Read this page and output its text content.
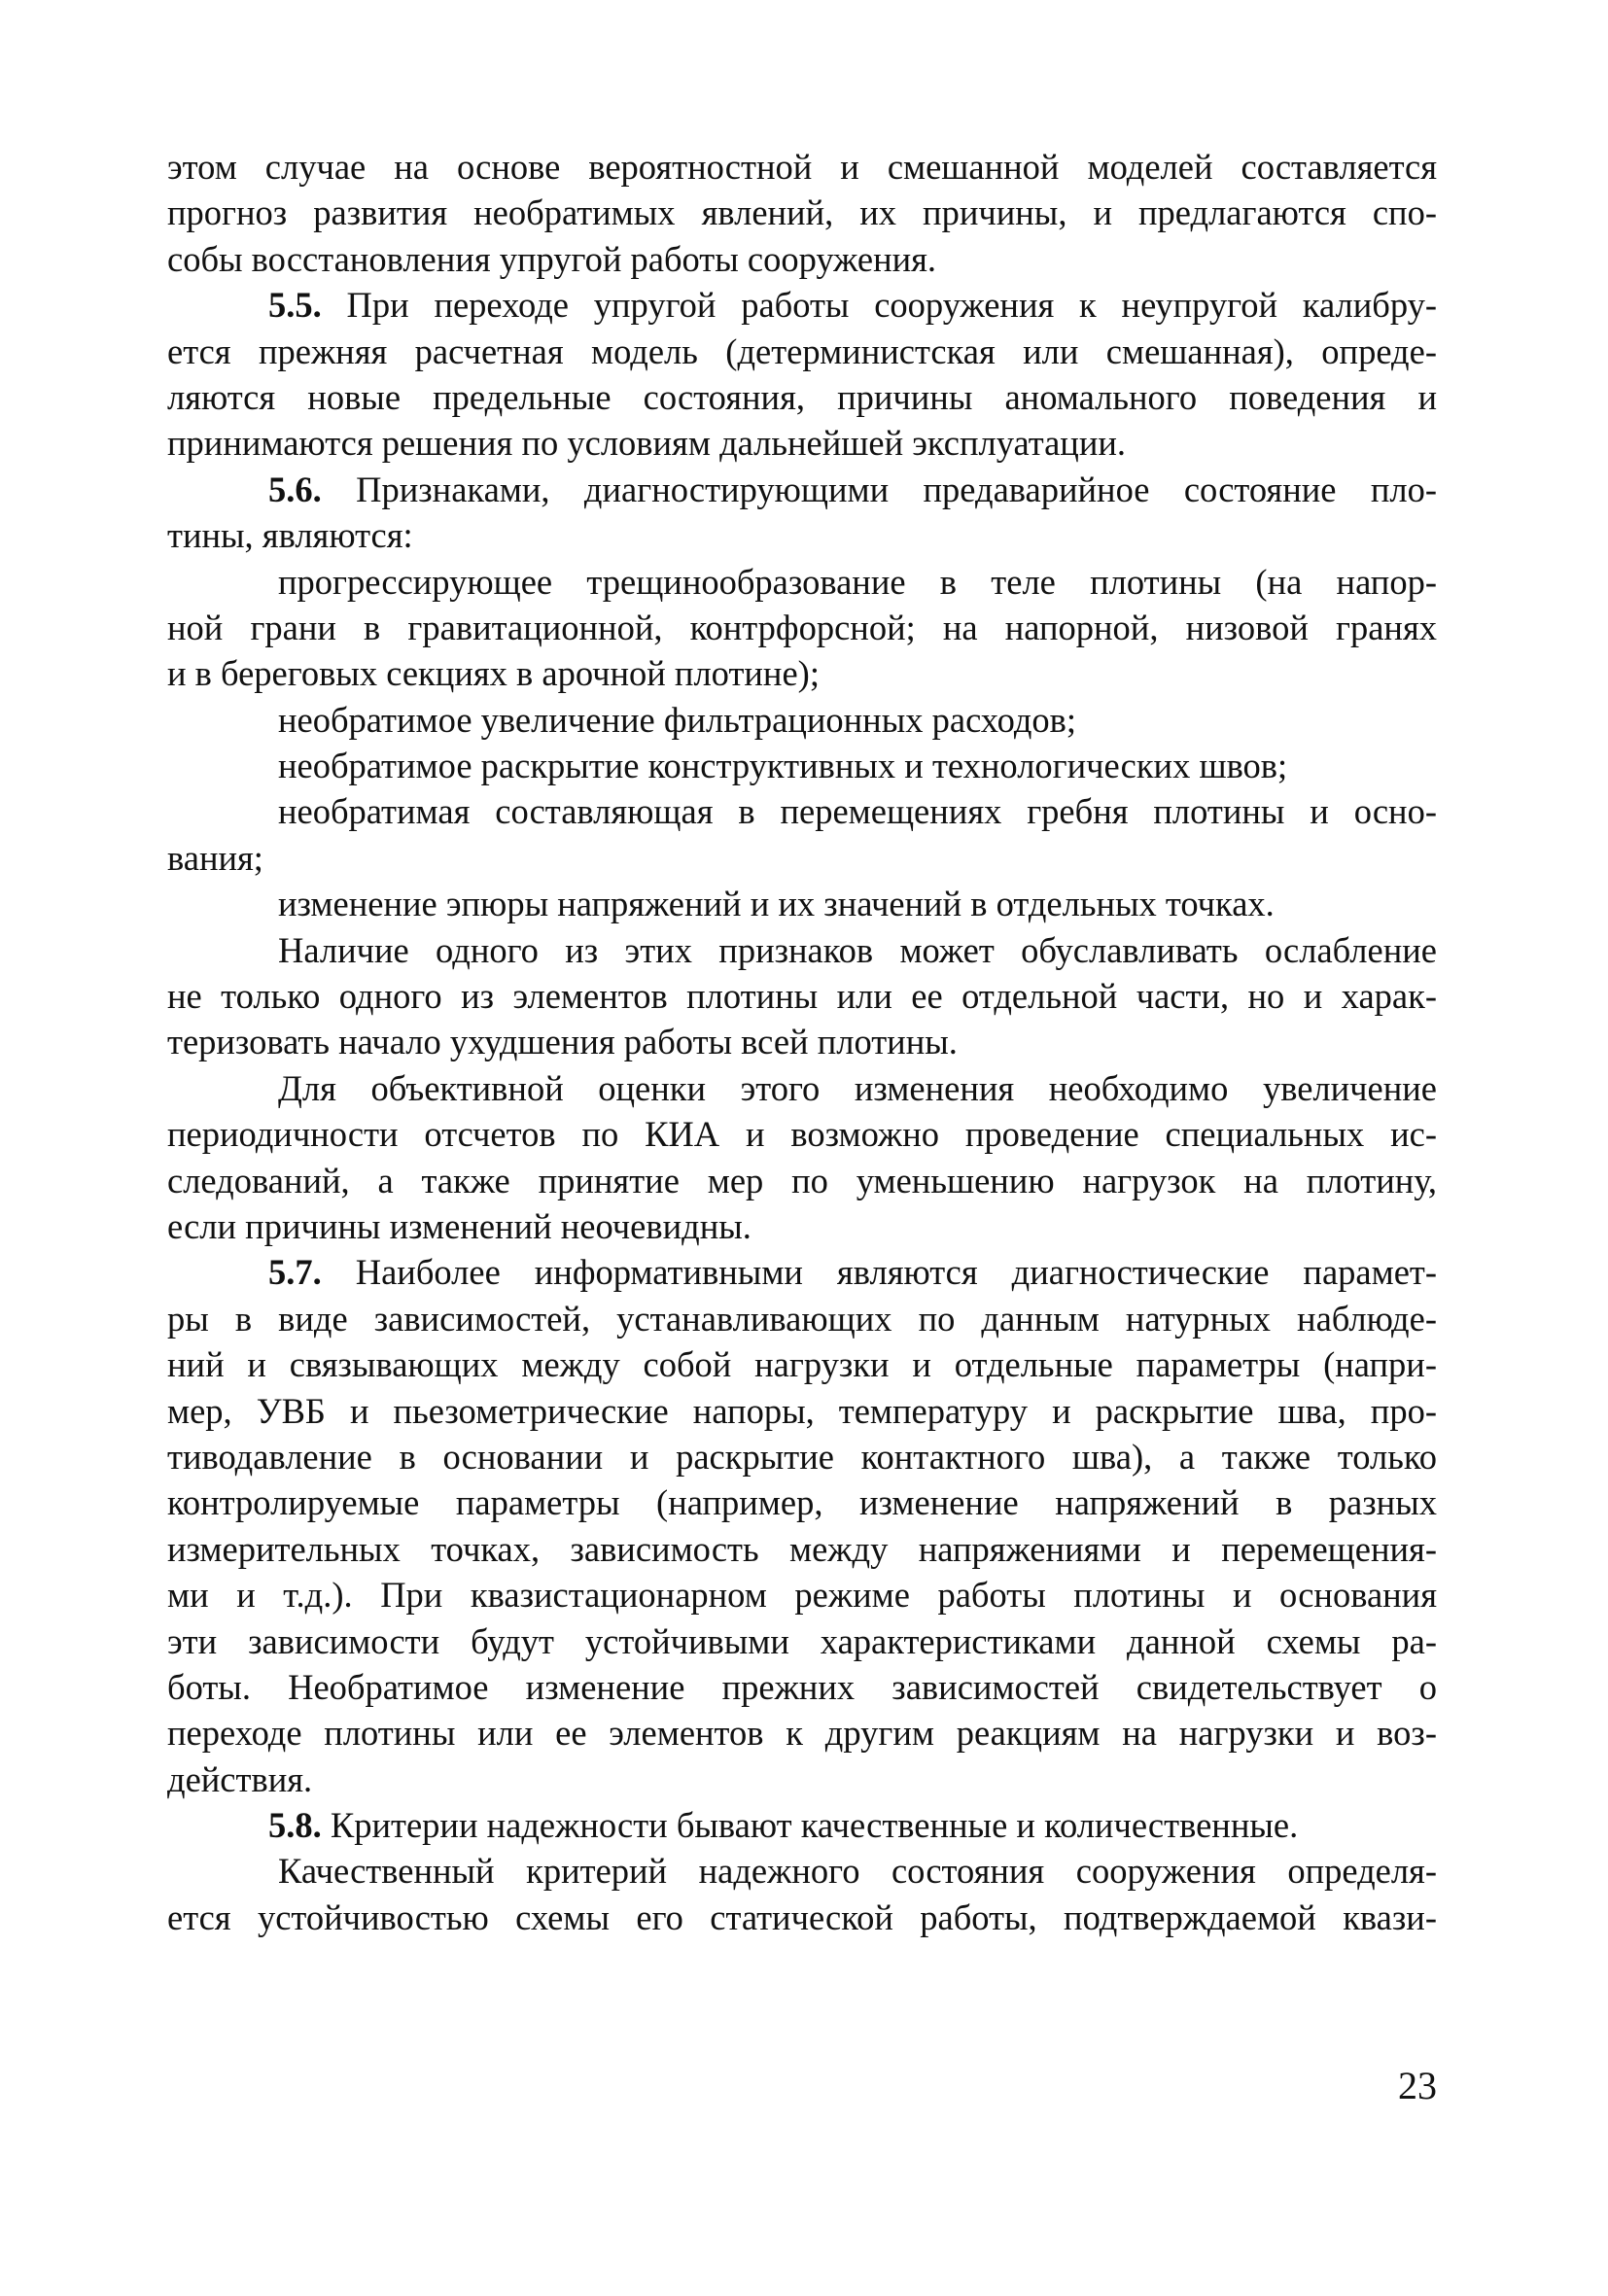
этом случае на основе вероятностной и смешанной моделей составляется
прогноз развития необратимых явлений, их причины, и предлагаются спо-
собы восстановления упругой работы сооружения.
5.5. При переходе упругой работы сооружения к неупругой калибру-
ется прежняя расчетная модель (детерминистская или смешанная), опреде-
ляются новые предельные состояния, причины аномального поведения и
принимаются решения по условиям дальнейшей эксплуатации.
5.6. Признаками, диагностирующими предаварийное состояние пло-
тины, являются:
прогрессирующее трещинообразование в теле плотины (на напор-
ной грани в гравитационной, контрфорсной; на напорной, низовой гранях
и в береговых секциях в арочной плотине);
необратимое увеличение фильтрационных расходов;
необратимое раскрытие конструктивных и технологических швов;
необратимая составляющая в перемещениях гребня плотины и осно-
вания;
изменение эпюры напряжений и их значений в отдельных точках.
Наличие одного из этих признаков может обуславливать ослабление
не только одного из элементов плотины или ее отдельной части, но и харак-
теризовать начало ухудшения работы всей плотины.
Для объективной оценки этого изменения необходимо увеличение
периодичности отсчетов по КИА и возможно проведение специальных ис-
следований, а также принятие мер по уменьшению нагрузок на плотину,
если причины изменений неочевидны.
5.7. Наиболее информативными являются диагностические парамет-
ры в виде зависимостей, устанавливающих по данным натурных наблюде-
ний и связывающих между собой нагрузки и отдельные параметры (напри-
мер, УВБ и пьезометрические напоры, температуру и раскрытие шва, про-
тиводавление в основании и раскрытие контактного шва), а также только
контролируемые параметры (например, изменение напряжений в разных
измерительных точках, зависимость между напряжениями и перемещения-
ми и т.д.). При квазистационарном режиме работы плотины и основания
эти зависимости будут устойчивыми характеристиками данной схемы ра-
боты. Необратимое изменение прежних зависимостей свидетельствует о
переходе плотины или ее элементов к другим реакциям на нагрузки и воз-
действия.
5.8. Критерии надежности бывают качественные и количественные.
Качественный критерий надежного состояния сооружения определя-
ется устойчивостью схемы его статической работы, подтверждаемой квази-
23
